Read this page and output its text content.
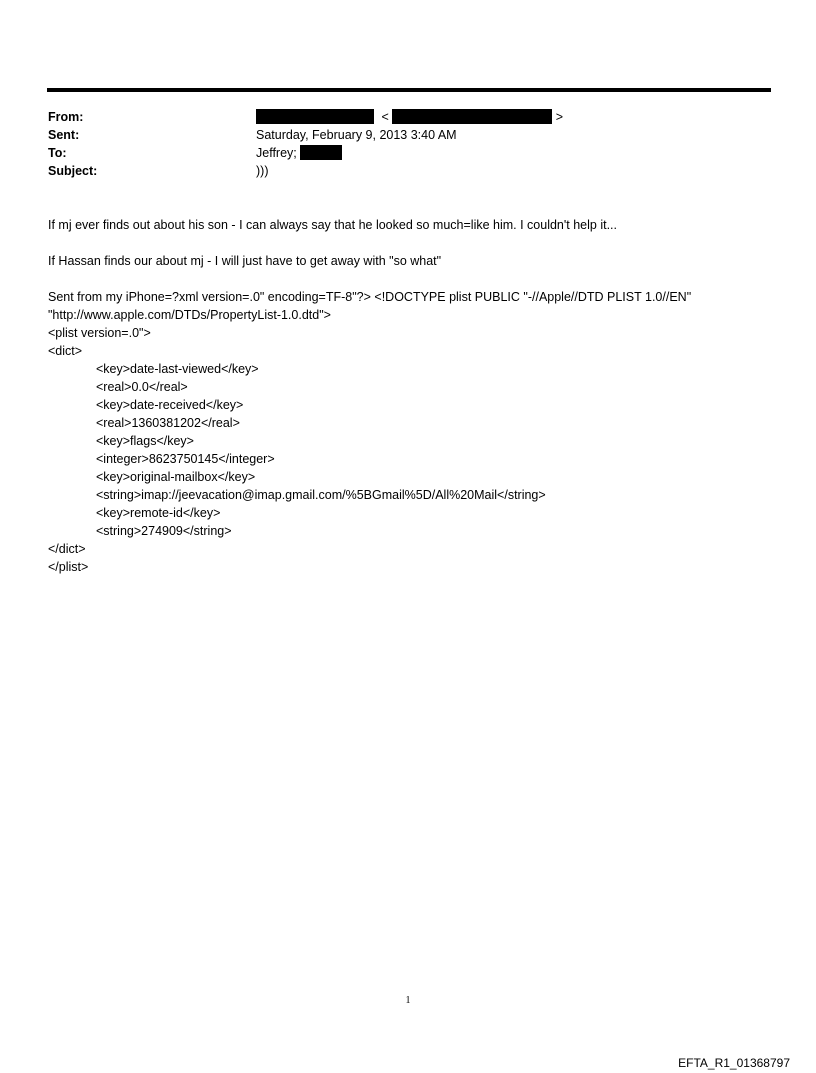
From:	<	>
Sent:	Saturday, February 9, 2013 3:40 AM
To:	Jeffrey;
Subject:	)))
If mj ever finds out about his son - I can always say that he looked so much=like him. I couldn't help it...
If Hassan finds our about mj - I will just have to get away with "so what"
Sent from my iPhone=?xml version=.0" encoding=TF-8"?> <!DOCTYPE plist PUBLIC "-//Apple//DTD PLIST 1.0//EN"
"http://www.apple.com/DTDs/PropertyList-1.0.dtd">
<plist version=.0">
<dict>
<key>date-last-viewed</key>
<real>0.0</real>
<key>date-received</key>
<real>1360381202</real>
<key>flags</key>
<integer>8623750145</integer>
<key>original-mailbox</key>
<string>imap://jeevacation@imap.gmail.com/%5BGmail%5D/All%20Mail</string>
<key>remote-id</key>
<string>274909</string>
</dict>
</plist>
1
EFTA_R1_01368797
